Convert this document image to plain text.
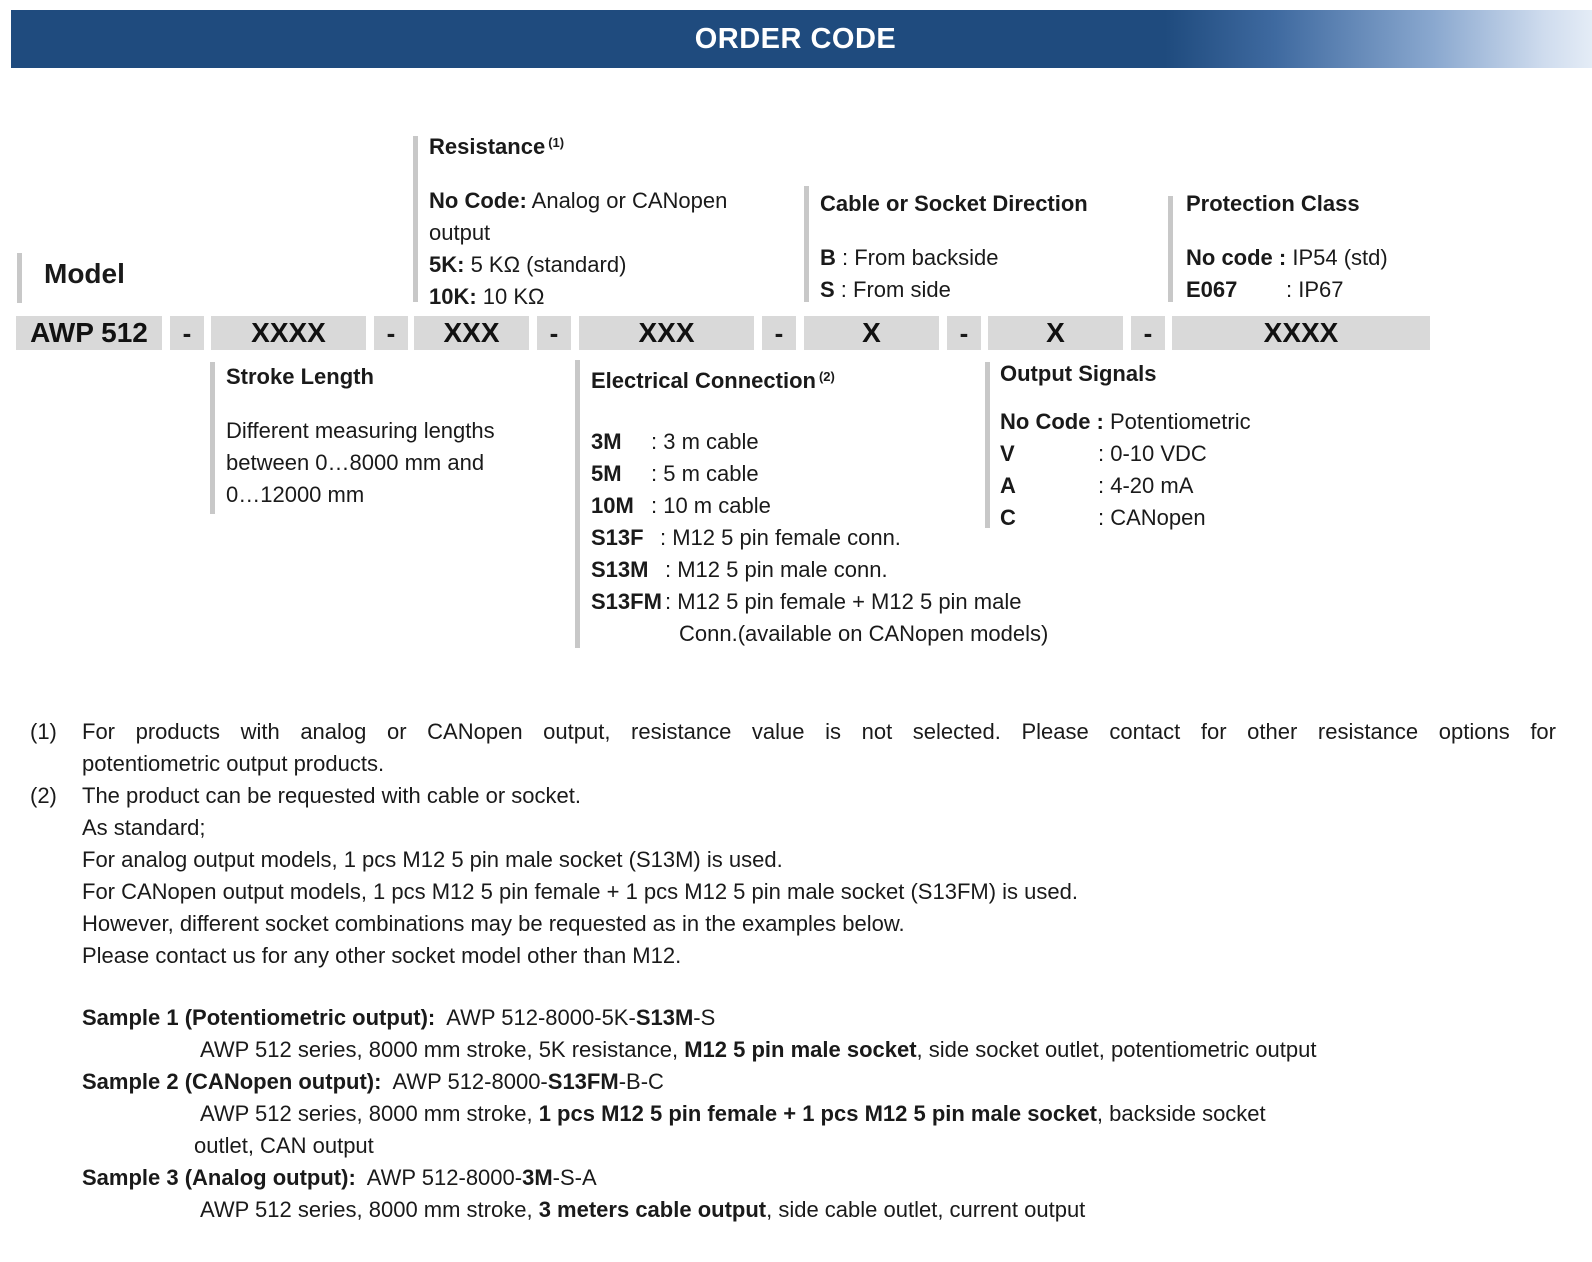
ORDER CODE
Model
Resistance $^{(1)}$
No Code: Analog or CANopen
output
5K: 5 KΩ (standard)
10K: 10 KΩ
Cable or Socket Direction
B : From backside
S : From side
Protection Class
No code : IP54 (std)
E067	: IP67
AWP 512	-	XXXX	-	XXX	-	XXX	-	X	-	X	-	XXXX
Stroke Length
Different measuring lengths
between 0…8000 mm and
0…12000 mm
Electrical Connection $^{(2)}$
3M	: 3 m cable
5M	: 5 m cable
10M : 10 m cable
S13F : M12 5 pin female conn.
S13M : M12 5 pin male conn.
S13FM : M12 5 pin female + M12 5 pin male
Conn.(available on CANopen models)
Output Signals
No Code : Potentiometric
V	: 0-10 VDC
A	: 4-20 mA
C	: CANopen
(1)	For products with analog or CANopen output, resistance value is not selected. Please contact for other resistance options for
potentiometric output products.
(2)	The product can be requested with cable or socket.
As standard;
For analog output models, 1 pcs M12 5 pin male socket (S13M) is used.
For CANopen output models, 1 pcs M12 5 pin female + 1 pcs M12 5 pin male socket (S13FM) is used.
However, different socket combinations may be requested as in the examples below.
Please contact us for any other socket model other than M12.
Sample 1 (Potentiometric output):  AWP 512-8000-5K-S13M-S
AWP 512 series, 8000 mm stroke, 5K resistance, M12 5 pin male socket, side socket outlet, potentiometric output
Sample 2 (CANopen output):  AWP 512-8000-S13FM-B-C
AWP 512 series, 8000 mm stroke, 1 pcs M12 5 pin female + 1 pcs M12 5 pin male socket, backside socket
outlet, CAN output
Sample 3 (Analog output):  AWP 512-8000-3M-S-A
AWP 512 series, 8000 mm stroke, 3 meters cable output, side cable outlet, current output
